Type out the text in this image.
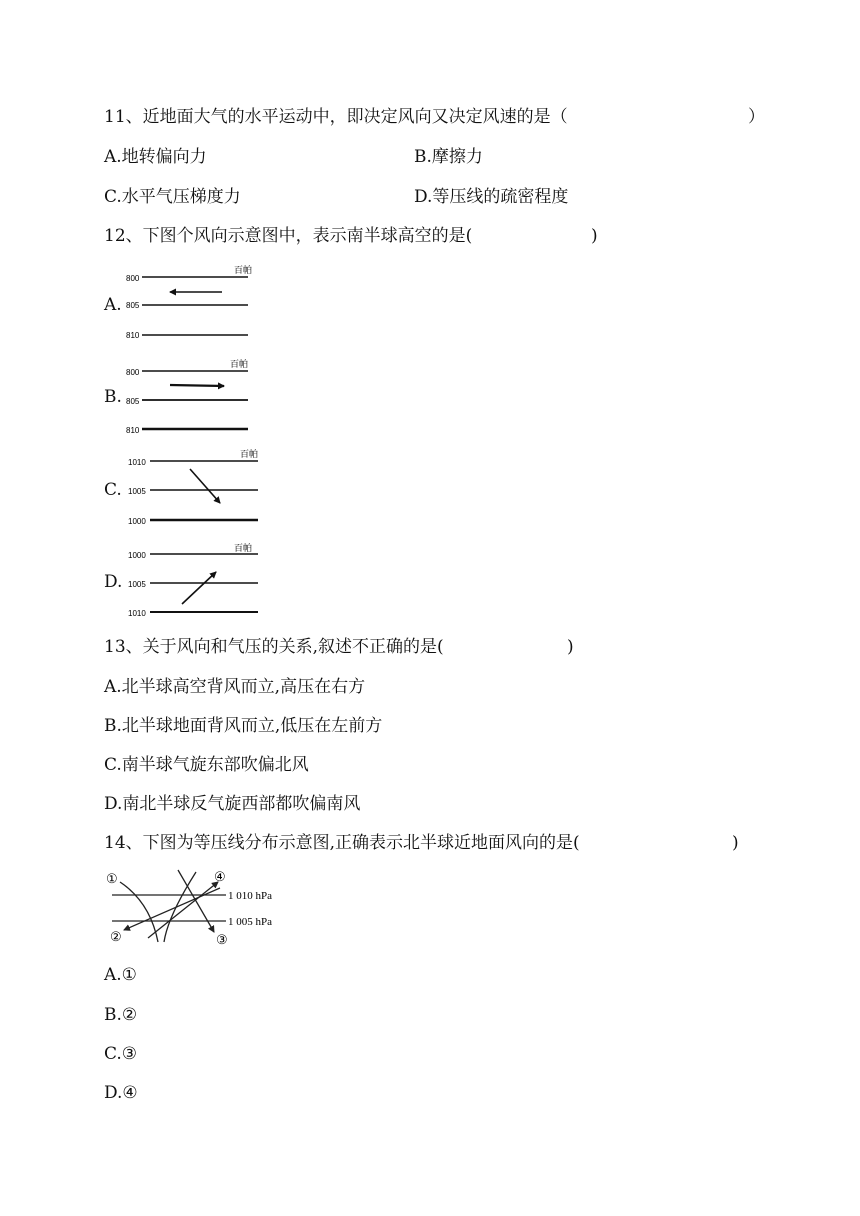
11、近地面大气的水平运动中，即决定风向又决定风速的是（	）
A.地转偏向力	B.摩擦力
C.水平气压梯度力	D.等压线的疏密程度
12、下图个风向示意图中，表示南半球高空的是(	)
A.
百帕
800
805
810
B.
百帕
800
805
810
C.
百帕
1010
1005
1000
D.
百帕
1000
1005
1010
13、关于风向和气压的关系,叙述不正确的是(	)
A.北半球高空背风而立,高压在右方
B.北半球地面背风而立,低压在左前方
C.南半球气旋东部吹偏北风
D.南北半球反气旋西部都吹偏南风
14、下图为等压线分布示意图,正确表示北半球近地面风向的是(	)
1 010 hPa
1 005 hPa
①
②	③
④
A.①
B.②
C.③
D.④
